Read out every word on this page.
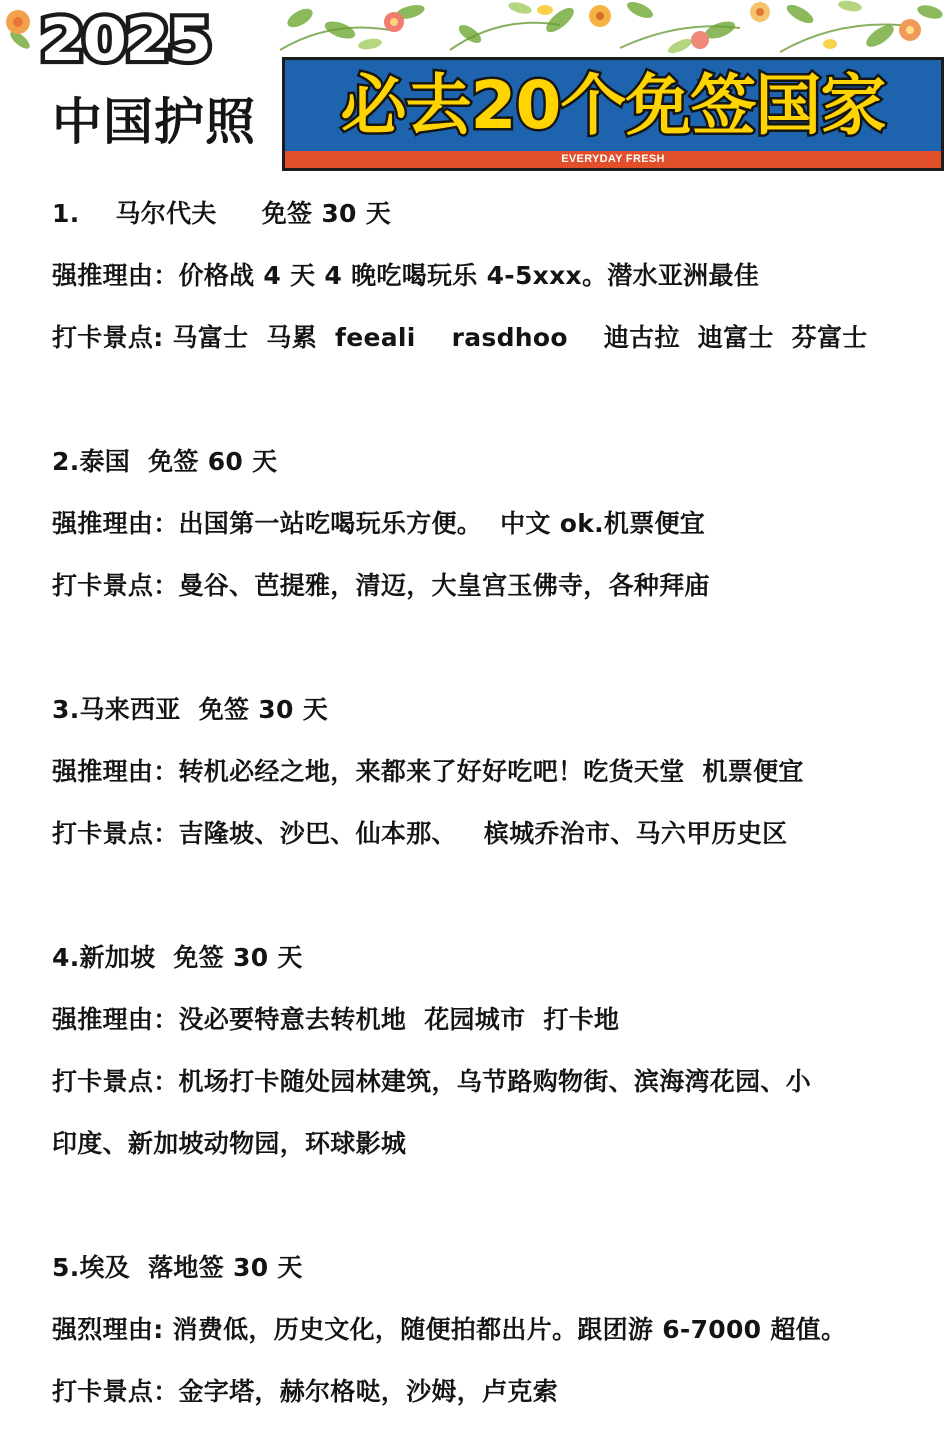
2025
中国护照	必去20个免签国家
EVERYDAY FRESH
1.    马尔代夫     免签 30 天
强推理由：价格战 4 天 4 晚吃喝玩乐 4-5xxx。潜水亚洲最佳
打卡景点: 马富士  马累  feeali    rasdhoo    迪古拉  迪富士  芬富士
2.泰国  免签 60 天
强推理由：出国第一站吃喝玩乐方便。  中文 ok.机票便宜
打卡景点：曼谷、芭提雅，清迈，大皇宫玉佛寺，各种拜庙
3.马来西亚  免签 30 天
强推理由：转机必经之地，来都来了好好吃吧！吃货天堂  机票便宜
打卡景点：吉隆坡、沙巴、仙本那、   槟城乔治市、马六甲历史区
4.新加坡  免签 30 天
强推理由：没必要特意去转机地  花园城市  打卡地
打卡景点：机场打卡随处园林建筑，乌节路购物街、滨海湾花园、小
印度、新加坡动物园，环球影城
5.埃及  落地签 30 天
强烈理由: 消费低，历史文化，随便拍都出片。跟团游 6-7000 超值。
打卡景点：金字塔，赫尔格哒，沙姆，卢克索
